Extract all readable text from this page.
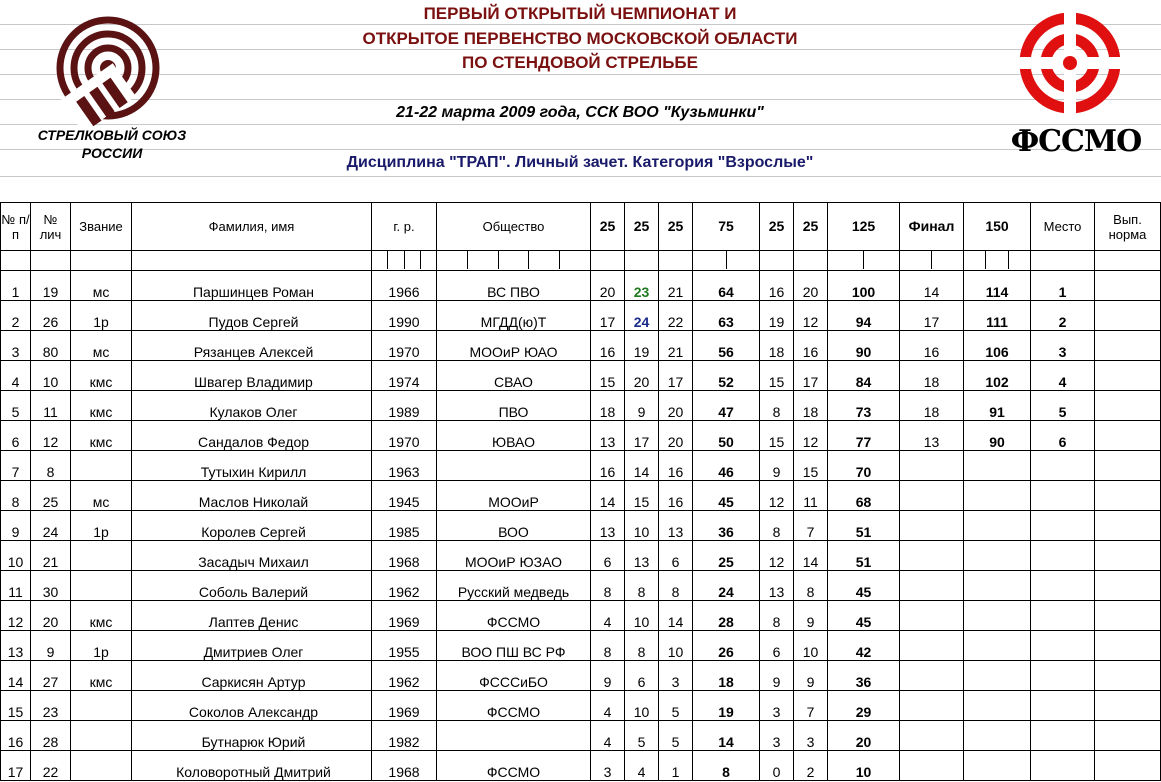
СТРЕЛКОВЫЙ СОЮЗ
РОССИИ	ФССМО
ПЕРВЫЙ ОТКРЫТЫЙ ЧЕМПИОНАТ И
ОТКРЫТОЕ ПЕРВЕНСТВО МОСКОВСКОЙ ОБЛАСТИ
ПО СТЕНДОВОЙ СТРЕЛЬБЕ
21-22 марта 2009 года, ССК ВОО "Кузьминки"
Дисциплина "ТРАП". Личный зачет. Категория "Взрослые"
№ п/п	№ лич	Звание	Фамилия, имя	г. р.	Общество	25	25	25	75	25	25	125	Финал	150	Место	Вып. норма

1	19	мс	Паршинцев Роман	1966	ВС ПВО	20	23	21	64	16	20	100	14	114	1	
2	26	1р	Пудов Сергей	1990	МГДД(ю)Т	17	24	22	63	19	12	94	17	111	2	
3	80	мс	Рязанцев Алексей	1970	МООиР ЮАО	16	19	21	56	18	16	90	16	106	3	
4	10	кмс	Швагер Владимир	1974	СВАО	15	20	17	52	15	17	84	18	102	4	
5	11	кмс	Кулаков Олег	1989	ПВО	18	9	20	47	8	18	73	18	91	5	
6	12	кмс	Сандалов Федор	1970	ЮВАО	13	17	20	50	15	12	77	13	90	6	
7	8		Тутыхин Кирилл	1963		16	14	16	46	9	15	70				
8	25	мс	Маслов Николай	1945	МООиР	14	15	16	45	12	11	68				
9	24	1р	Королев Сергей	1985	ВОО	13	10	13	36	8	7	51				
10	21		Засадыч Михаил	1968	МООиР ЮЗАО	6	13	6	25	12	14	51				
11	30		Соболь Валерий	1962	Русский медведь	8	8	8	24	13	8	45				
12	20	кмс	Лаптев Денис	1969	ФССМО	4	10	14	28	8	9	45				
13	9	1р	Дмитриев Олег	1955	ВОО ПШ ВС РФ	8	8	10	26	6	10	42				
14	27	кмс	Саркисян Артур	1962	ФСССиБО	9	6	3	18	9	9	36				
15	23		Соколов Александр	1969	ФССМО	4	10	5	19	3	7	29				
16	28		Бутнарюк Юрий	1982		4	5	5	14	3	3	20				
17	22		Коловоротный Дмитрий	1968	ФССМО	3	4	1	8	0	2	10				
